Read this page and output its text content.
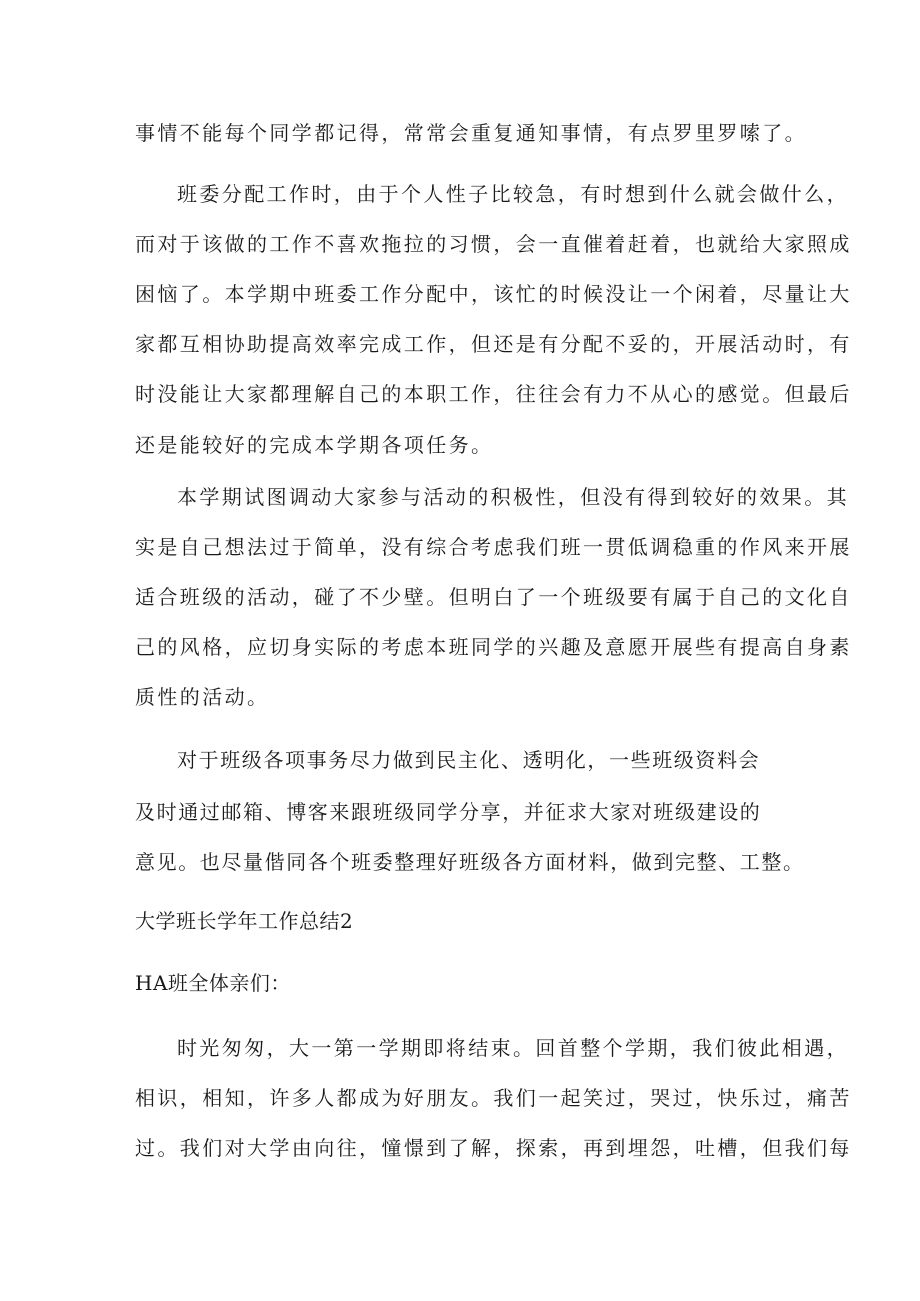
事情不能每个同学都记得，常常会重复通知事情，有点罗里罗嗦了。

班委分配工作时，由于个人性子比较急，有时想到什么就会做什么，

而对于该做的工作不喜欢拖拉的习惯，会一直催着赶着，也就给大家照成

困恼了。本学期中班委工作分配中，该忙的时候没让一个闲着，尽量让大

家都互相协助提高效率完成工作，但还是有分配不妥的，开展活动时，有

时没能让大家都理解自己的本职工作，往往会有力不从心的感觉。但最后

还是能较好的完成本学期各项任务。

本学期试图调动大家参与活动的积极性，但没有得到较好的效果。其

实是自己想法过于简单，没有综合考虑我们班一贯低调稳重的作风来开展

适合班级的活动，碰了不少壁。但明白了一个班级要有属于自己的文化自

己的风格，应切身实际的考虑本班同学的兴趣及意愿开展些有提高自身素

质性的活动。

对于班级各项事务尽力做到民主化、透明化，一些班级资料会

及时通过邮箱、博客来跟班级同学分享，并征求大家对班级建设的

意见。也尽量偕同各个班委整理好班级各方面材料，做到完整、工整。

大学班长学年工作总结2

HA班全体亲们：

时光匆匆，大一第一学期即将结束。回首整个学期，我们彼此相遇，

相识，相知，许多人都成为好朋友。我们一起笑过，哭过，快乐过，痛苦

过。我们对大学由向往，憧憬到了解，探索，再到埋怨，吐槽，但我们每
